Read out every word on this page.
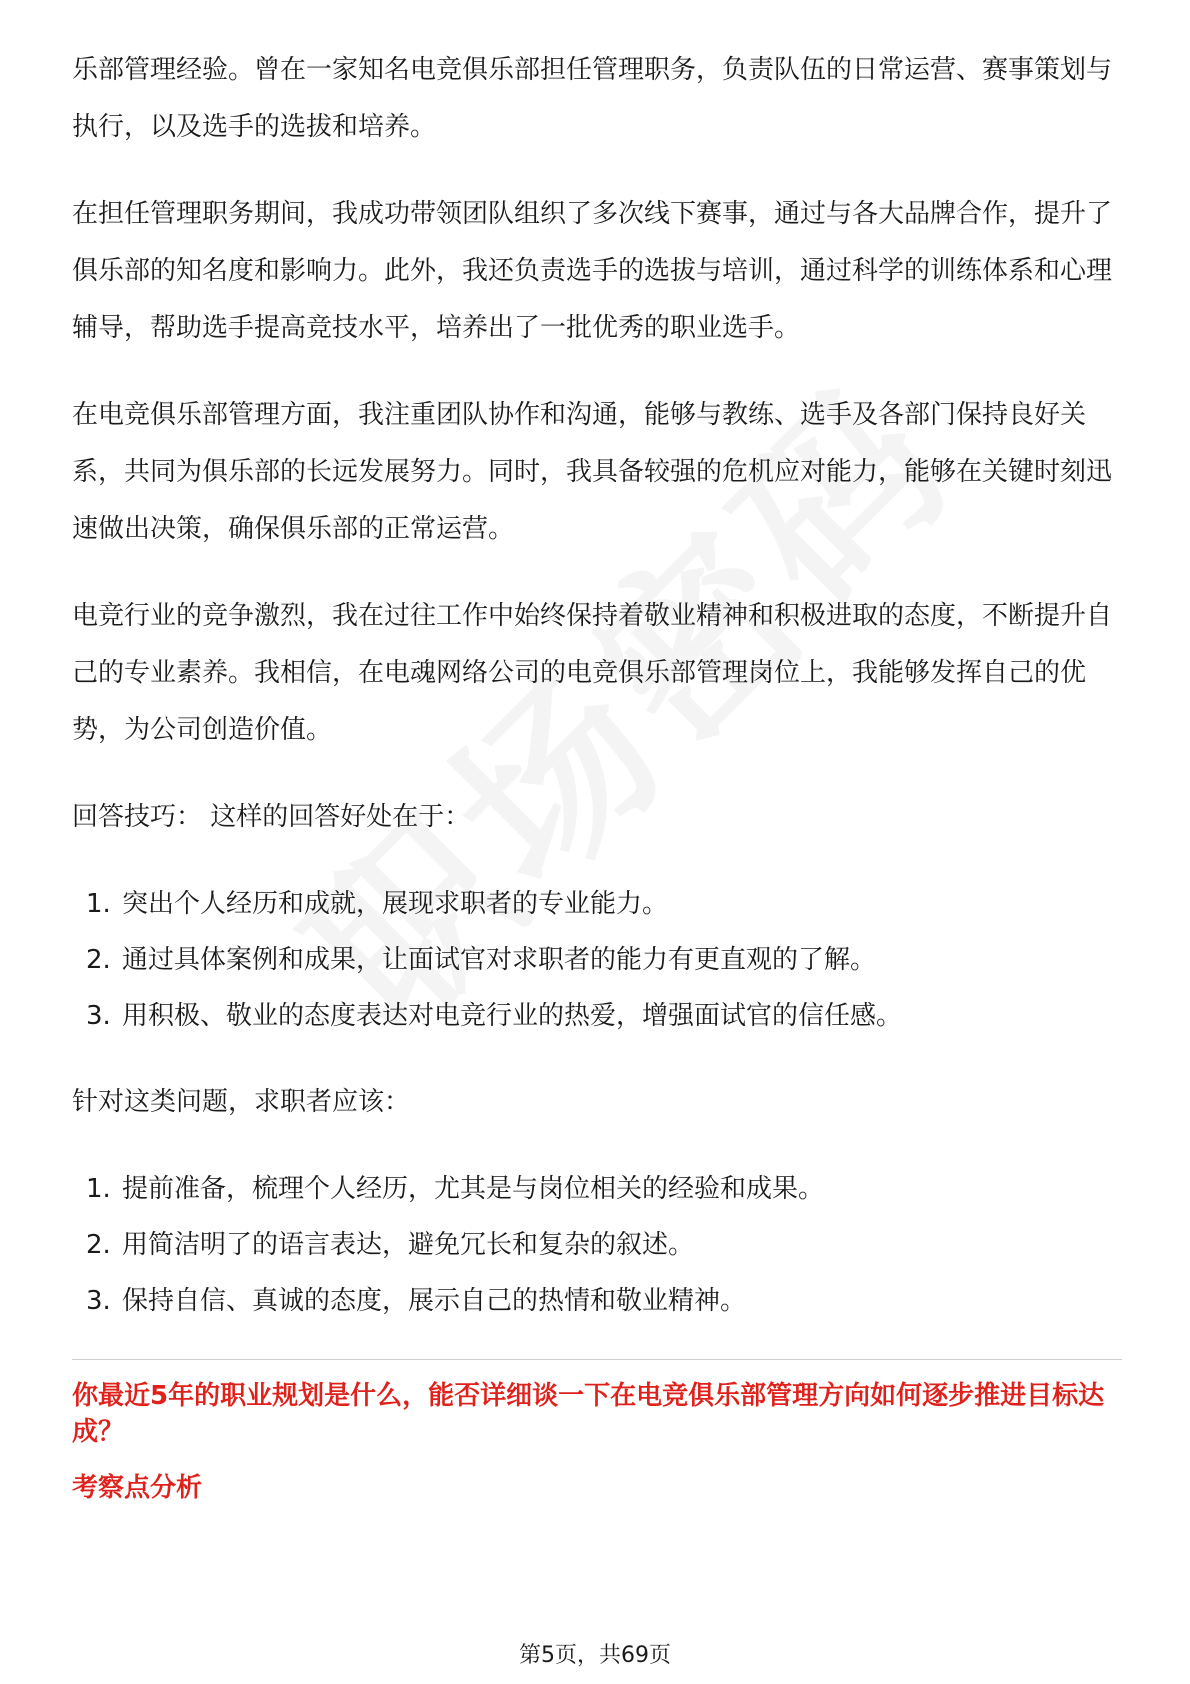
乐部管理经验。曾在一家知名电竞俱乐部担任管理职务，负责队伍的日常运营、赛事策划与执行，以及选手的选拔和培养。

在担任管理职务期间，我成功带领团队组织了多次线下赛事，通过与各大品牌合作，提升了俱乐部的知名度和影响力。此外，我还负责选手的选拔与培训，通过科学的训练体系和心理辅导，帮助选手提高竞技水平，培养出了一批优秀的职业选手。

在电竞俱乐部管理方面，我注重团队协作和沟通，能够与教练、选手及各部门保持良好关系，共同为俱乐部的长远发展努力。同时，我具备较强的危机应对能力，能够在关键时刻迅速做出决策，确保俱乐部的正常运营。

电竞行业的竞争激烈，我在过往工作中始终保持着敬业精神和积极进取的态度，不断提升自己的专业素养。我相信，在电魂网络公司的电竞俱乐部管理岗位上，我能够发挥自己的优势，为公司创造价值。

回答技巧： 这样的回答好处在于：

1. 突出个人经历和成就，展现求职者的专业能力。
2. 通过具体案例和成果，让面试官对求职者的能力有更直观的了解。
3. 用积极、敬业的态度表达对电竞行业的热爱，增强面试官的信任感。

针对这类问题，求职者应该：

1. 提前准备，梳理个人经历，尤其是与岗位相关的经验和成果。
2. 用简洁明了的语言表达，避免冗长和复杂的叙述。
3. 保持自信、真诚的态度，展示自己的热情和敬业精神。

你最近5年的职业规划是什么，能否详细谈一下在电竞俱乐部管理方向如何逐步推进目标达成？

考察点分析

第5页，共69页
